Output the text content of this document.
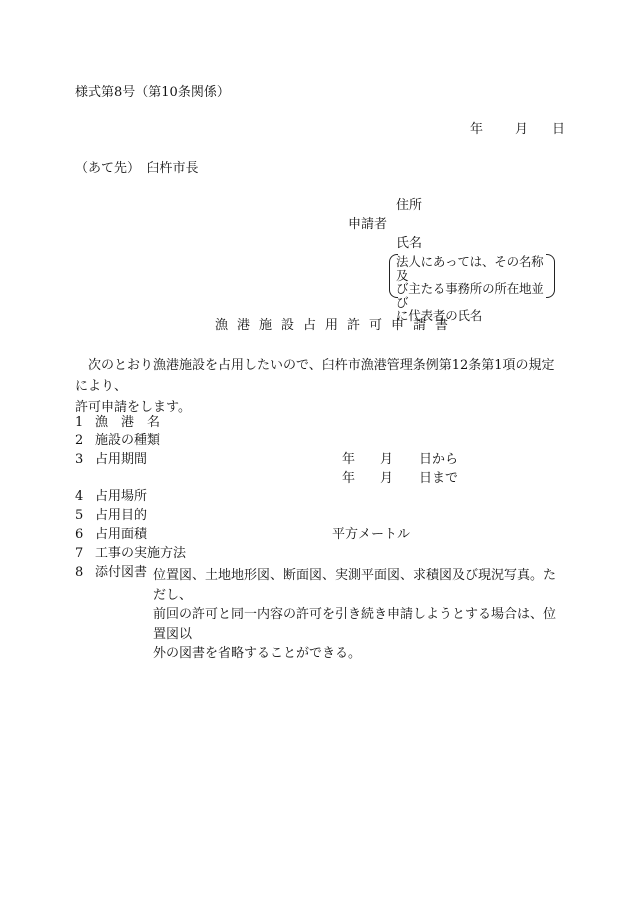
様式第8号（第10条関係）
年 月 日
（あて先）　臼杵市長
住所
申請者
氏名
法人にあっては、その名称及
び主たる事務所の所在地並び
に代表者の氏名
漁港施設占用許可申請書
次のとおり漁港施設を占用したいので、臼杵市漁港管理条例第12条第1項の規定により、
許可申請をします。
1 漁　港　名
2 施設の種類
3 占用期間	年 月 日から
年 月 日まで
4 占用場所
5 占用目的
6 占用面積	平方メートル
7 工事の実施方法
8 添付図書 位置図、土地地形図、断面図、実測平面図、求積図及び現況写真。ただし、
前回の許可と同一内容の許可を引き続き申請しようとする場合は、位置図以
外の図書を省略することができる。
